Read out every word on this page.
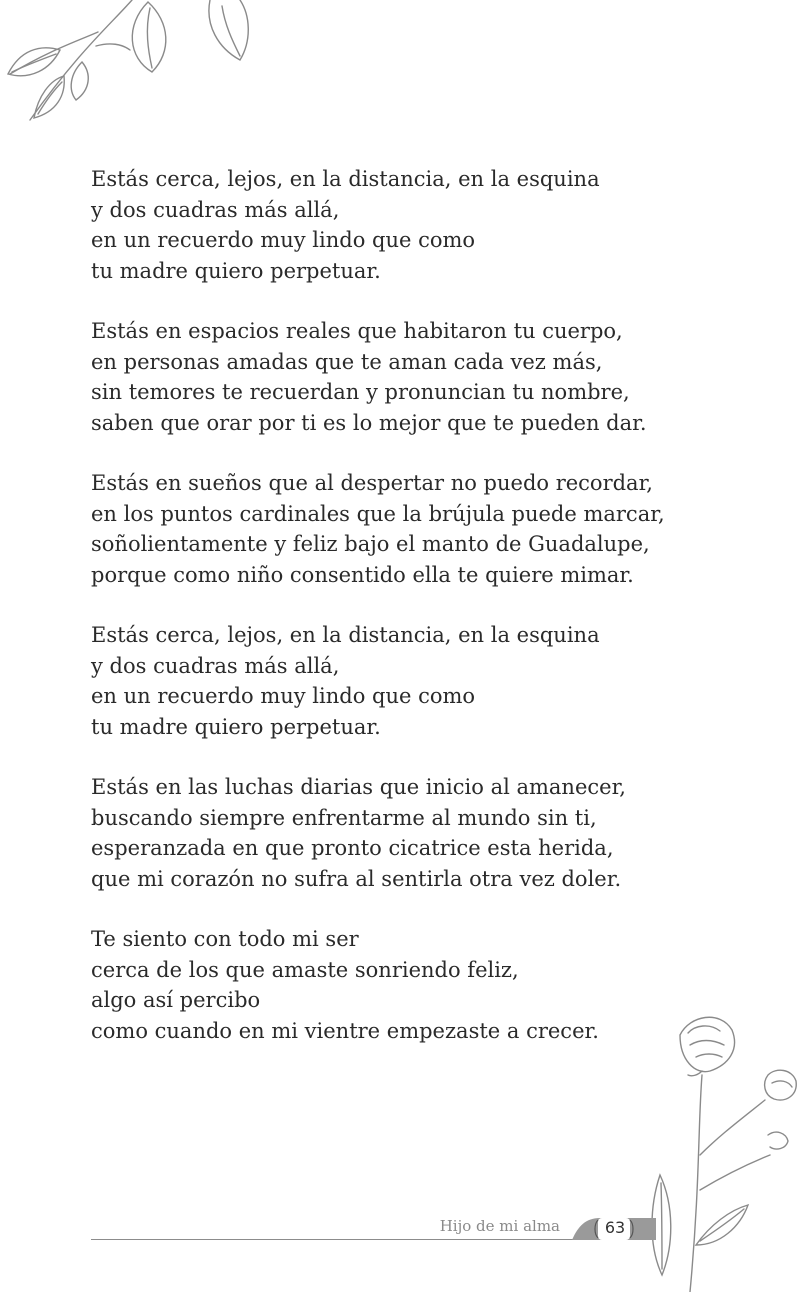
Estás cerca, lejos, en la distancia, en la esquina
y dos cuadras más allá,
en un recuerdo muy lindo que como
tu madre quiero perpetuar.
Estás en espacios reales que habitaron tu cuerpo,
en personas amadas que te aman cada vez más,
sin temores te recuerdan y pronuncian tu nombre,
saben que orar por ti es lo mejor que te pueden dar.
Estás en sueños que al despertar no puedo recordar,
en los puntos cardinales que la brújula puede marcar,
soñolientamente y feliz bajo el manto de Guadalupe,
porque como niño consentido ella te quiere mimar.
Estás cerca, lejos, en la distancia, en la esquina
y dos cuadras más allá,
en un recuerdo muy lindo que como
tu madre quiero perpetuar.
Estás en las luchas diarias que inicio al amanecer,
buscando siempre enfrentarme al mundo sin ti,
esperanzada en que pronto cicatrice esta herida,
que mi corazón no sufra al sentirla otra vez doler.
Te siento con todo mi ser
cerca de los que amaste sonriendo feliz,
algo así percibo
como cuando en mi vientre empezaste a crecer.
Hijo de mi alma	63
